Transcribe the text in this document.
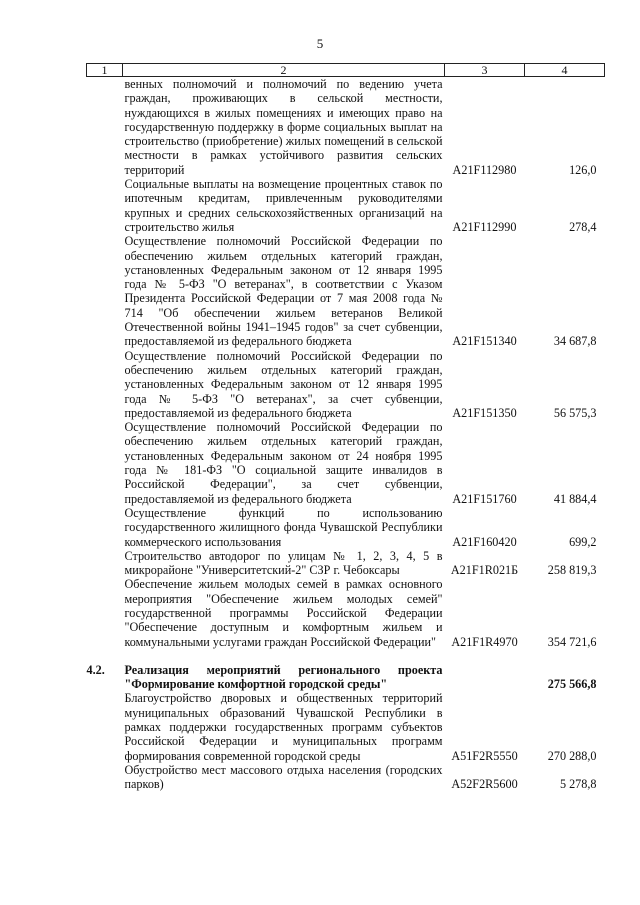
5
1	2	3	4
	венных полномочий и полномочий по ведению учета граждан, проживающих в сельской местности, нуждающихся в жилых помещениях и имеющих право на государственную поддержку в форме социальных выплат на строительство (приобретение) жилых помещений в сельской местности в рамках устойчивого развития сельских территорий	A21F112980	126,0
	Социальные выплаты на возмещение процентных ставок по ипотечным кредитам, привлеченным руководителями крупных и средних сельскохозяйственных организаций на строительство жилья	A21F112990	278,4
	Осуществление полномочий Российской Федерации по обеспечению жильем отдельных категорий граждан, установленных Федеральным законом от 12 января 1995 года № 5-ФЗ "О ветеранах", в соответствии с Указом Президента Российской Федерации от 7 мая 2008 года № 714 "Об обеспечении жильем ветеранов Великой Отечественной войны 1941–1945 годов" за счет субвенции, предоставляемой из федерального бюджета	A21F151340	34 687,8
	Осуществление полномочий Российской Федерации по обеспечению жильем отдельных категорий граждан, установленных Федеральным законом от 12 января 1995 года № 5-ФЗ "О ветеранах", за счет субвенции, предоставляемой из федерального бюджета	A21F151350	56 575,3
	Осуществление полномочий Российской Федерации по обеспечению жильем отдельных категорий граждан, установленных Федеральным законом от 24 ноября 1995 года № 181-ФЗ "О социальной защите инвалидов в Российской Федерации", за счет субвенции, предоставляемой из федерального бюджета	A21F151760	41 884,4
	Осуществление функций по использованию государственного жилищного фонда Чувашской Республики коммерческого использования	A21F160420	699,2
	Строительство автодорог по улицам № 1, 2, 3, 4, 5 в микрорайоне "Университетский-2" СЗР г. Чебоксары	A21F1R021Б	258 819,3
	Обеспечение жильем молодых семей в рамках основного мероприятия "Обеспечение жильем молодых семей" государственной программы Российской Федерации "Обеспечение доступным и комфортным жильем и коммунальными услугами граждан Российской Федерации"	A21F1R4970	354 721,6

4.2.	Реализация мероприятий регионального проекта "Формирование комфортной городской среды"		275 566,8
	Благоустройство дворовых и общественных территорий муниципальных образований Чувашской Республики в рамках поддержки государственных программ субъектов Российской Федерации и муниципальных программ формирования современной городской среды	A51F2R5550	270 288,0
	Обустройство мест массового отдыха населения (городских парков)	A52F2R5600	5 278,8
